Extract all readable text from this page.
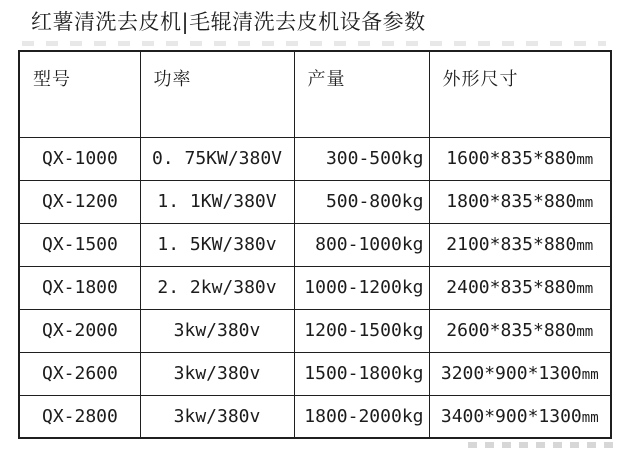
红薯清洗去皮机|毛辊清洗去皮机设备参数
型号	功率	产量	外形尺寸
QX-1000	0. 75KW/380V	300-500kg	1600*835*880mm
QX-1200	1. 1KW/380V	500-800kg	1800*835*880mm
QX-1500	1. 5KW/380v	800-1000kg	2100*835*880mm
QX-1800	2. 2kw/380v	1000-1200kg	2400*835*880mm
QX-2000	3kw/380v	1200-1500kg	2600*835*880mm
QX-2600	3kw/380v	1500-1800kg	3200*900*1300mm
QX-2800	3kw/380v	1800-2000kg	3400*900*1300mm
